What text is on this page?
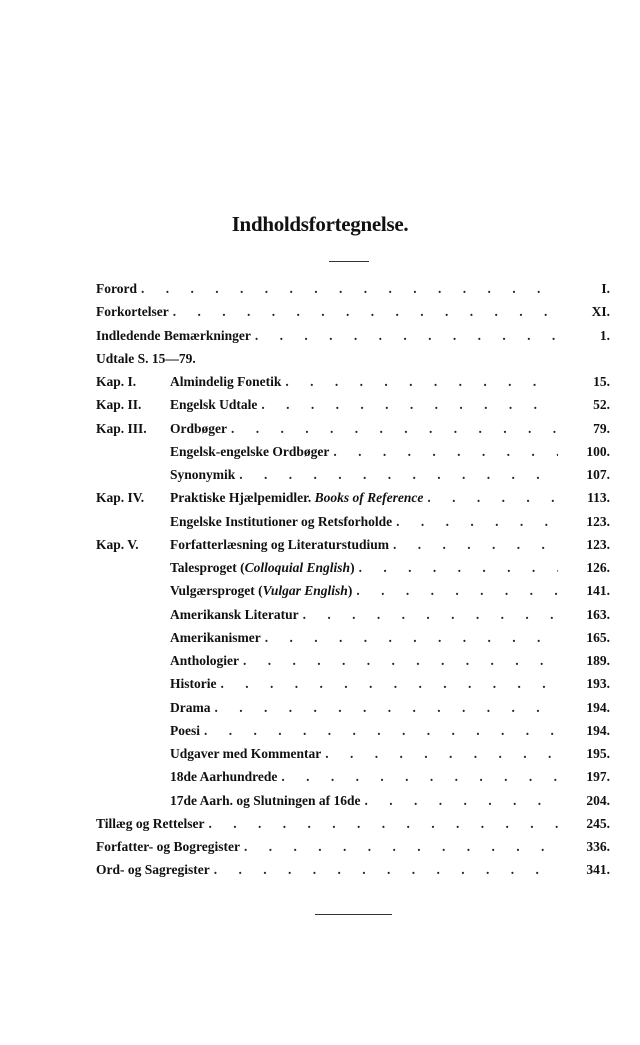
Indholdsfortegnelse.
Forord . . .	I.
Forkortelser . . .	XI.
Indledende Bemærkninger . . .	1.
Udtale S. 15—79.
Kap. I.	Almindelig Fonetik . . .	15.
Kap. II.	Engelsk Udtale . . .	52.
Kap. III.	Ordbøger . . .	79.
Engelsk-engelske Ordbøger . . .	100.
Synonymik . . .	107.
Kap. IV.	Praktiske Hjælpemidler. Books of Reference . . .	113.
Engelske Institutioner og Retsforholde . . .	123.
Kap. V.	Forfatterlæsning og Literaturstudium . . .	123.
Talesproget (Colloquial English) . . .	126.
Vulgærsproget (Vulgar English) . . .	141.
Amerikansk Literatur . . .	163.
Amerikanismer . . .	165.
Anthologier . . .	189.
Historie . . .	193.
Drama . . .	194.
Poesi . . .	194.
Udgaver med Kommentar . . .	195.
18de Aarhundrede . . .	197.
17de Aarh. og Slutningen af 16de . . .	204.
Tillæg og Rettelser . . .	245.
Forfatter- og Bogregister . . .	336.
Ord- og Sagregister . . .	341.
